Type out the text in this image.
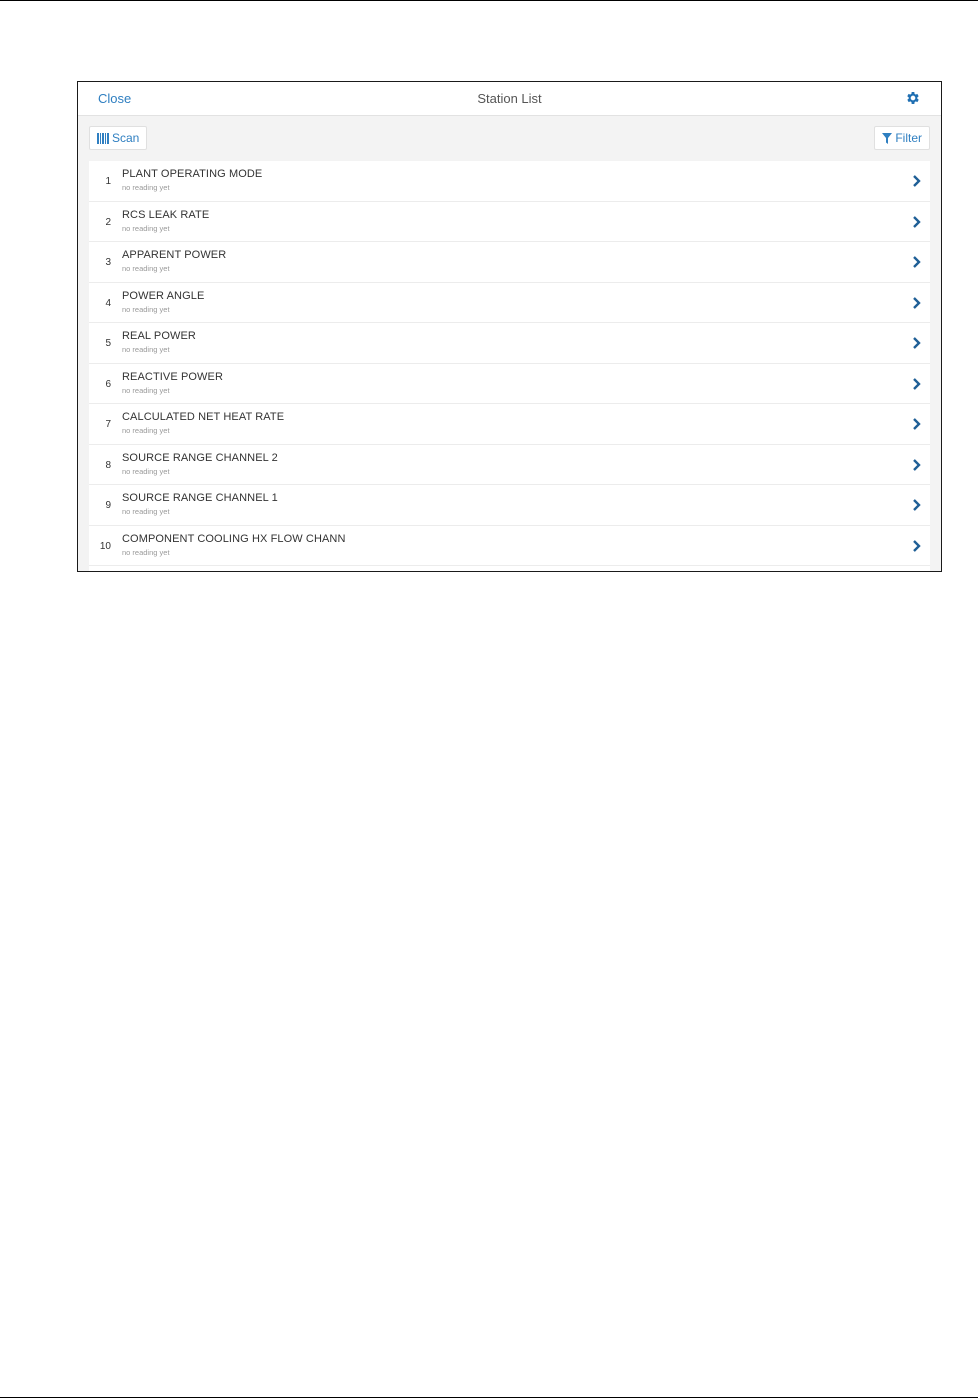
Close	Station List
Scan	Filter
1
PLANT OPERATING MODE
no reading yet
2
RCS LEAK RATE
no reading yet
3
APPARENT POWER
no reading yet
4
POWER ANGLE
no reading yet
5
REAL POWER
no reading yet
6
REACTIVE POWER
no reading yet
7
CALCULATED NET HEAT RATE
no reading yet
8
SOURCE RANGE CHANNEL 2
no reading yet
9
SOURCE RANGE CHANNEL 1
no reading yet
10
COMPONENT COOLING HX FLOW CHANN
no reading yet
